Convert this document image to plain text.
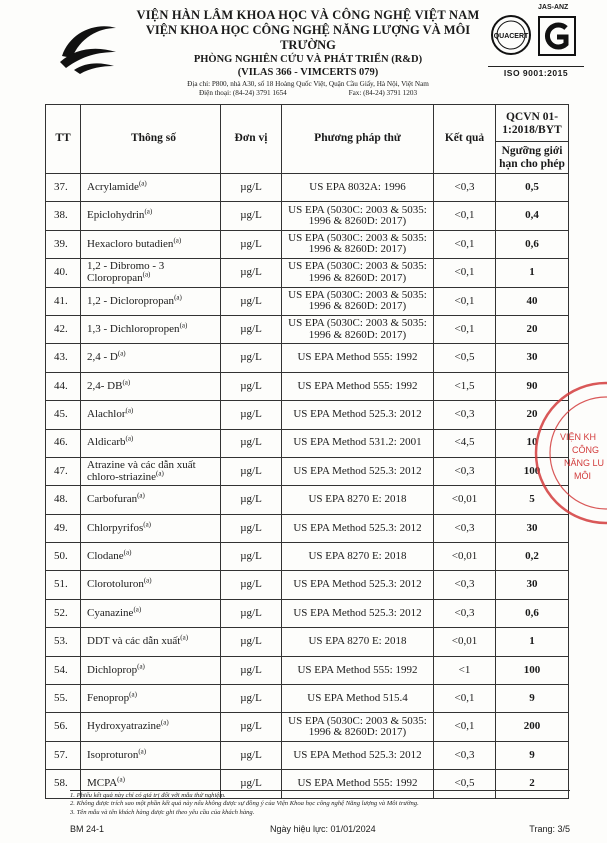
VIỆN HÀN LÂM KHOA HỌC VÀ CÔNG NGHỆ VIỆT NAM
VIỆN KHOA HỌC CÔNG NGHỆ NĂNG LƯỢNG VÀ MÔI TRƯỜNG
PHÒNG NGHIÊN CỨU VÀ PHÁT TRIỂN (R&D)
(VILAS 366 - VIMCERTS 079)
Địa chỉ: P800, nhà A30, số 18 Hoàng Quốc Việt, Quận Cầu Giấy, Hà Nội, Việt Nam
Điện thoại: (84-24) 3791 1654	Fax: (84-24) 3791 1203
JAS-ANZ
QUACERT
ISO 9001:2015
TT	Thông số	Đơn vị	Phương pháp thử	Kết quả	QCVN 01-1:2018/BYT
Ngưỡng giới hạn cho phép

37.	Acrylamide$^{(a)}$	µg/L	US EPA 8032A: 1996	<0,3	0,5
38.	Epiclohydrin$^{(a)}$	µg/L	US EPA (5030C: 2003 & 5035: 1996 & 8260D: 2017)	<0,1	0,4
39.	Hexacloro butadien$^{(a)}$	µg/L	US EPA (5030C: 2003 & 5035: 1996 & 8260D: 2017)	<0,1	0,6
40.	1,2 - Dibromo - 3 Cloropropan$^{(a)}$	µg/L	US EPA (5030C: 2003 & 5035: 1996 & 8260D: 2017)	<0,1	1
41.	1,2 - Dicloropropan$^{(a)}$	µg/L	US EPA (5030C: 2003 & 5035: 1996 & 8260D: 2017)	<0,1	40
42.	1,3 - Dichloropropen$^{(a)}$	µg/L	US EPA (5030C: 2003 & 5035: 1996 & 8260D: 2017)	<0,1	20
43.	$2,4 - D^{(a)}$	µg/L	US EPA Method 555: 1992	<0,5	30
44.	2,4- DB$^{(a)}$	µg/L	US EPA Method 555: 1992	<1,5	90
45.	Alachlor$^{(a)}$	µg/L	US EPA Method 525.3: 2012	<0,3	20
46.	Aldicarb$^{(a)}$	µg/L	US EPA Method 531.2: 2001	<4,5	10
47.	Atrazine và các dẫn xuất chloro-striazine$^{(a)}$	µg/L	US EPA Method 525.3: 2012	<0,3	100
48.	Carbofuran$^{(a)}$	µg/L	US EPA 8270 E: 2018	<0,01	5
49.	Chlorpyrifos$^{(a)}$	µg/L	US EPA Method 525.3: 2012	<0,3	30
50.	Clodane$^{(a)}$	µg/L	US EPA 8270 E: 2018	<0,01	0,2
51.	Clorotoluron$^{(a)}$	µg/L	US EPA Method 525.3: 2012	<0,3	30
52.	Cyanazine$^{(a)}$	µg/L	US EPA Method 525.3: 2012	<0,3	0,6
53.	DDT và các dẫn xuất$^{(a)}$	µg/L	US EPA 8270 E: 2018	<0,01	1
54.	Dichloprop$^{(a)}$	µg/L	US EPA Method 555: 1992	<1	100
55.	Fenoprop$^{(a)}$	µg/L	US EPA Method 515.4	<0,1	9
56.	Hydroxyatrazine$^{(a)}$	µg/L	US EPA (5030C: 2003 & 5035: 1996 & 8260D: 2017)	<0,1	200
57.	Isoproturon$^{(a)}$	µg/L	US EPA Method 525.3: 2012	<0,3	9
58.	MCPA$^{(a)}$	µg/L	US EPA Method 555: 1992	<0,5	2
VIỆN KH
CÔNG
NĂNG LU
MÔI
1. Phiếu kết quả này chỉ có giá trị đối với mẫu thử nghiệm.
2. Không được trích sao một phần kết quả này nếu không được sự đồng ý của Viện Khoa học công nghệ Năng lượng và Môi trường.
3. Tên mẫu và tên khách hàng được ghi theo yêu cầu của khách hàng.
BM 24-1	Ngày hiệu lực: 01/01/2024	Trang: 3/5
